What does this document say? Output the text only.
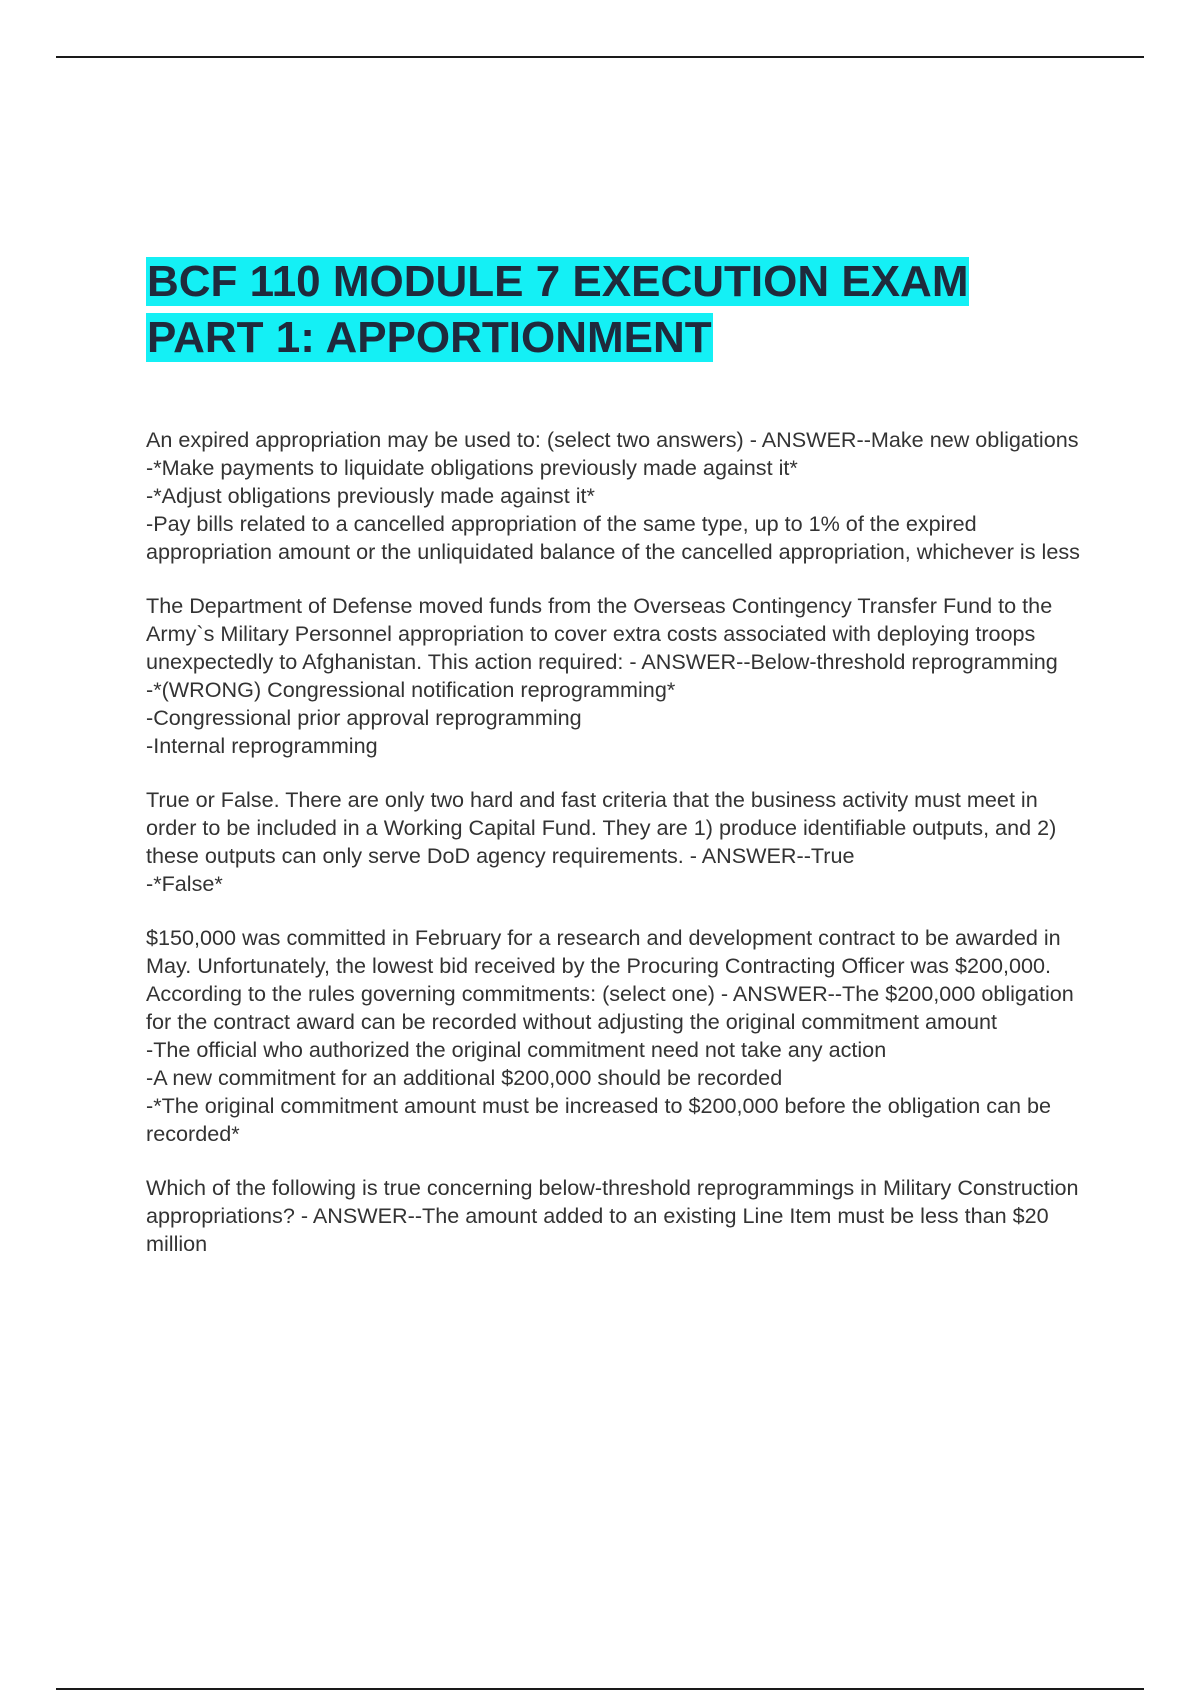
BCF 110 MODULE 7 EXECUTION EXAM
PART 1: APPORTIONMENT
An expired appropriation may be used to: (select two answers) - ANSWER--Make new obligations
-*Make payments to liquidate obligations previously made against it*
-*Adjust obligations previously made against it*
-Pay bills related to a cancelled appropriation of the same type, up to 1% of the expired appropriation amount or the unliquidated balance of the cancelled appropriation, whichever is less
The Department of Defense moved funds from the Overseas Contingency Transfer Fund to the Army`s Military Personnel appropriation to cover extra costs associated with deploying troops unexpectedly to Afghanistan. This action required: - ANSWER--Below-threshold reprogramming
-*(WRONG) Congressional notification reprogramming*
-Congressional prior approval reprogramming
-Internal reprogramming
True or False. There are only two hard and fast criteria that the business activity must meet in order to be included in a Working Capital Fund. They are 1) produce identifiable outputs, and 2) these outputs can only serve DoD agency requirements. - ANSWER--True
-*False*
$150,000 was committed in February for a research and development contract to be awarded in May. Unfortunately, the lowest bid received by the Procuring Contracting Officer was $200,000. According to the rules governing commitments: (select one) - ANSWER--The $200,000 obligation for the contract award can be recorded without adjusting the original commitment amount
-The official who authorized the original commitment need not take any action
-A new commitment for an additional $200,000 should be recorded
-*The original commitment amount must be increased to $200,000 before the obligation can be recorded*
Which of the following is true concerning below-threshold reprogrammings in Military Construction appropriations? - ANSWER--The amount added to an existing Line Item must be less than $20 million
